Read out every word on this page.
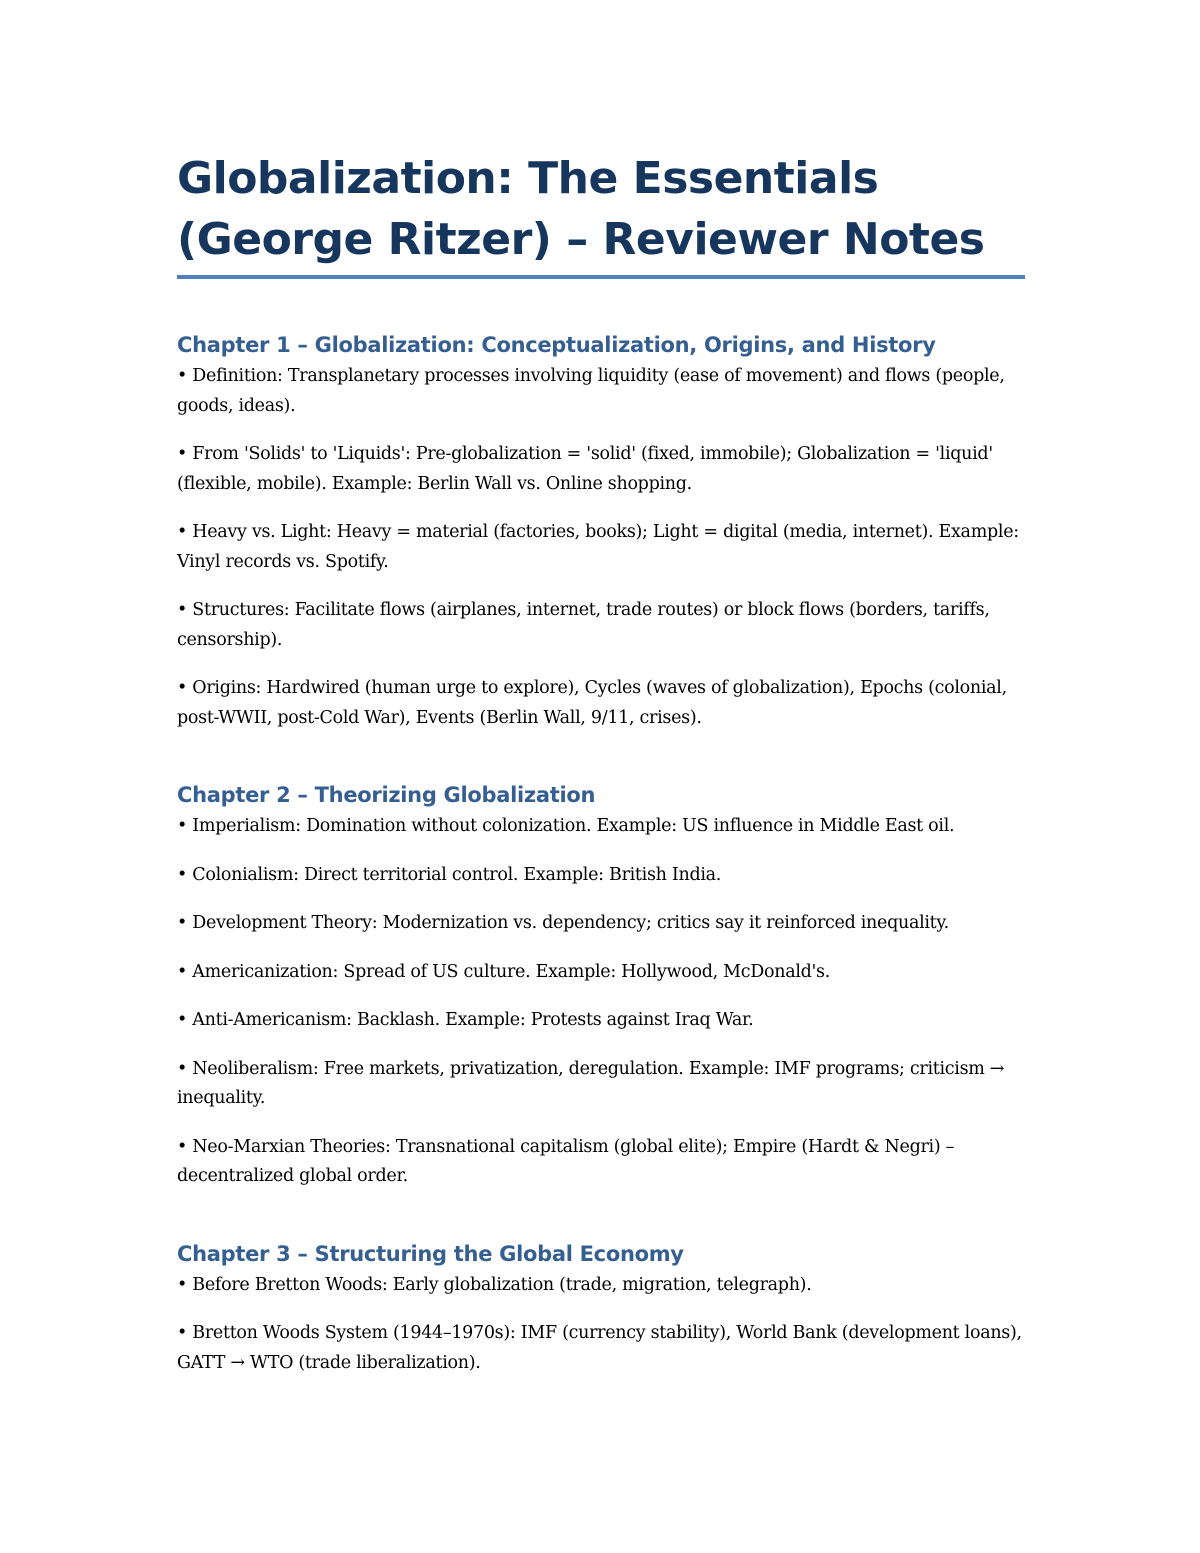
Globalization: The Essentials (George Ritzer) – Reviewer Notes
Chapter 1 – Globalization: Conceptualization, Origins, and History

• Definition: Transplanetary processes involving liquidity (ease of movement) and flows (people, goods, ideas).

• From 'Solids' to 'Liquids': Pre-globalization = 'solid' (fixed, immobile); Globalization = 'liquid' (flexible, mobile). Example: Berlin Wall vs. Online shopping.

• Heavy vs. Light: Heavy = material (factories, books); Light = digital (media, internet). Example: Vinyl records vs. Spotify.

• Structures: Facilitate flows (airplanes, internet, trade routes) or block flows (borders, tariffs, censorship).

• Origins: Hardwired (human urge to explore), Cycles (waves of globalization), Epochs (colonial, post-WWII, post-Cold War), Events (Berlin Wall, 9/11, crises).

Chapter 2 – Theorizing Globalization

• Imperialism: Domination without colonization. Example: US influence in Middle East oil.

• Colonialism: Direct territorial control. Example: British India.

• Development Theory: Modernization vs. dependency; critics say it reinforced inequality.

• Americanization: Spread of US culture. Example: Hollywood, McDonald's.

• Anti-Americanism: Backlash. Example: Protests against Iraq War.

• Neoliberalism: Free markets, privatization, deregulation. Example: IMF programs; criticism → inequality.

• Neo-Marxian Theories: Transnational capitalism (global elite); Empire (Hardt & Negri) – decentralized global order.

Chapter 3 – Structuring the Global Economy

• Before Bretton Woods: Early globalization (trade, migration, telegraph).

• Bretton Woods System (1944–1970s): IMF (currency stability), World Bank (development loans), GATT → WTO (trade liberalization).
